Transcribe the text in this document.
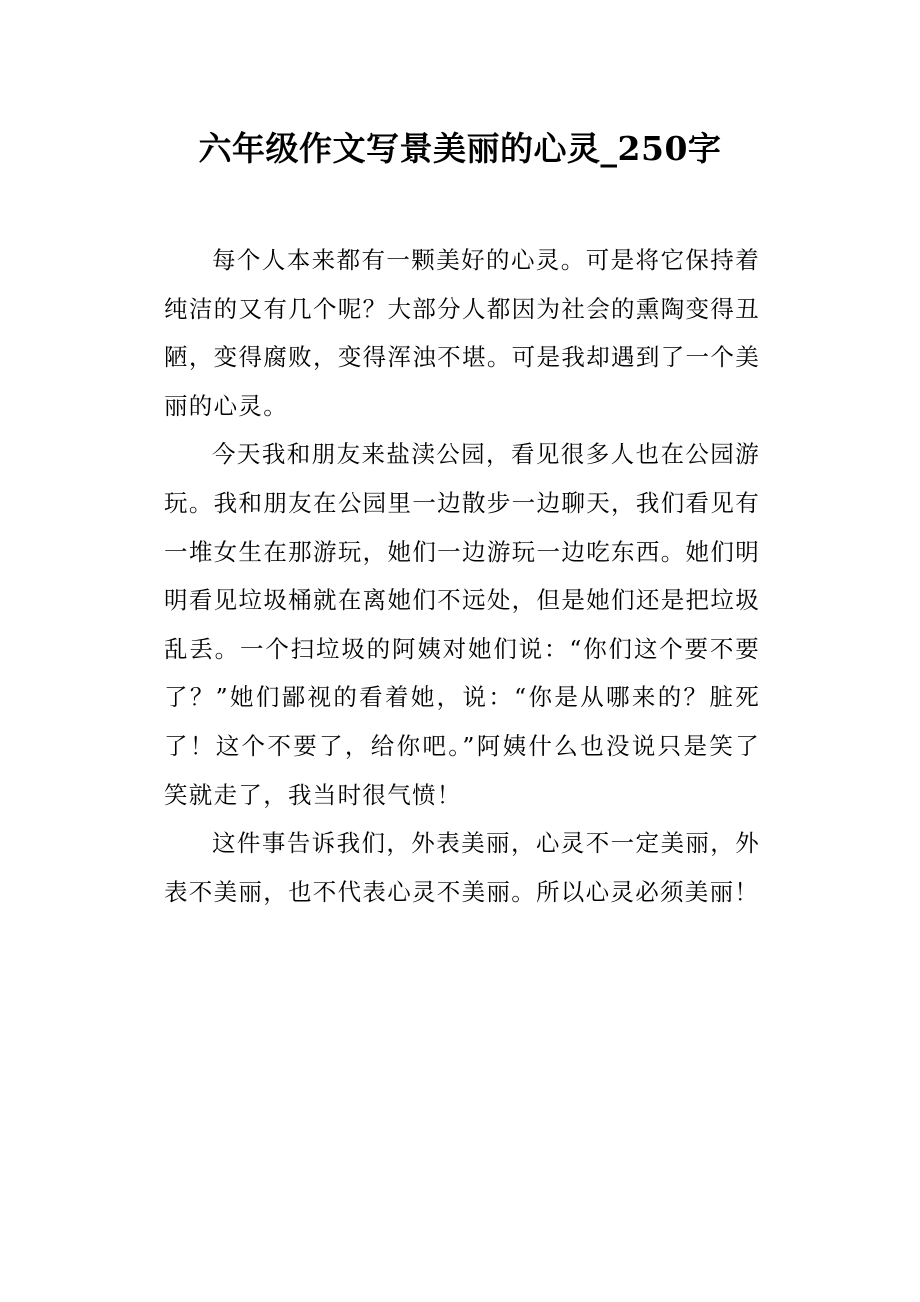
六年级作文写景美丽的心灵_250字

每个人本来都有一颗美好的心灵。可是将它保持着纯洁的又有几个呢？大部分人都因为社会的熏陶变得丑陋，变得腐败，变得浑浊不堪。可是我却遇到了一个美丽的心灵。

今天我和朋友来盐渎公园，看见很多人也在公园游玩。我和朋友在公园里一边散步一边聊天，我们看见有一堆女生在那游玩，她们一边游玩一边吃东西。她们明明看见垃圾桶就在离她们不远处，但是她们还是把垃圾乱丢。一个扫垃圾的阿姨对她们说：“你们这个要不要了？”她们鄙视的看着她，说：“你是从哪来的？脏死了！这个不要了，给你吧。”阿姨什么也没说只是笑了笑就走了，我当时很气愤！

这件事告诉我们，外表美丽，心灵不一定美丽，外表不美丽，也不代表心灵不美丽。所以心灵必须美丽！
